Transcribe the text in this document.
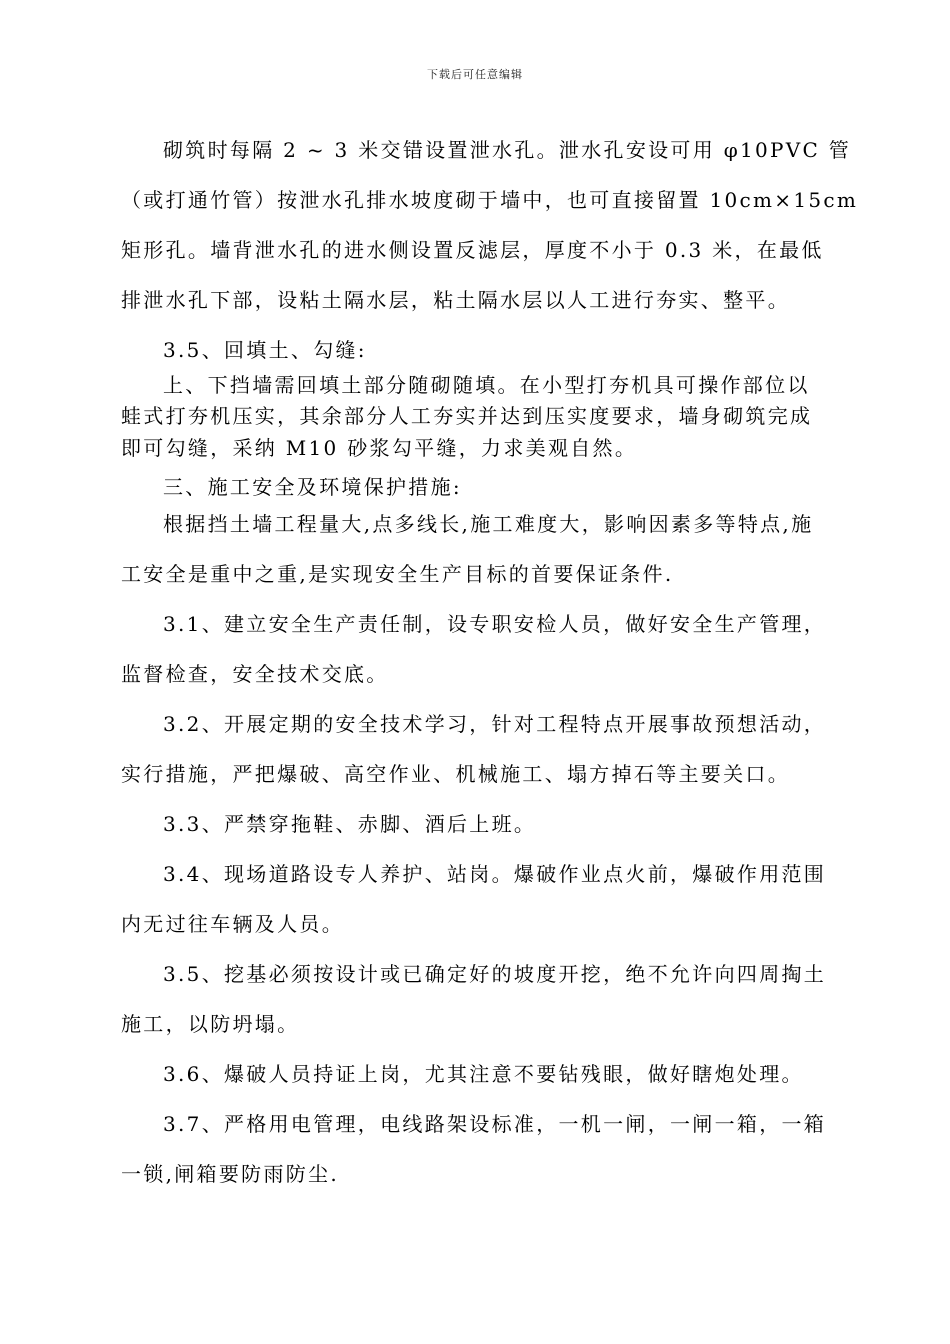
下载后可任意编辑
砌筑时每隔 2 ~ 3 米交错设置泄水孔。泄水孔安设可用 φ10PVC 管
（或打通竹管）按泄水孔排水坡度砌于墙中，也可直接留置 10cm×15cm
矩形孔。墙背泄水孔的进水侧设置反滤层，厚度不小于 0.3 米，在最低
排泄水孔下部，设粘土隔水层，粘土隔水层以人工进行夯实、整平。
3.5、回填土、勾缝:
上、下挡墙需回填土部分随砌随填。在小型打夯机具可操作部位以
蛙式打夯机压实，其余部分人工夯实并达到压实度要求，墙身砌筑完成
即可勾缝，采纳 M10 砂浆勾平缝，力求美观自然。
三、施工安全及环境保护措施:
根据挡土墙工程量大,点多线长,施工难度大，影响因素多等特点,施
工安全是重中之重,是实现安全生产目标的首要保证条件.
3.1、建立安全生产责任制，设专职安检人员，做好安全生产管理，
监督检查，安全技术交底。
3.2、开展定期的安全技术学习，针对工程特点开展事故预想活动，
实行措施，严把爆破、高空作业、机械施工、塌方掉石等主要关口。
3.3、严禁穿拖鞋、赤脚、酒后上班。
3.4、现场道路设专人养护、站岗。爆破作业点火前，爆破作用范围
内无过往车辆及人员。
3.5、挖基必须按设计或已确定好的坡度开挖，绝不允许向四周掏土
施工，以防坍塌。
3.6、爆破人员持证上岗，尤其注意不要钻残眼，做好瞎炮处理。
3.7、严格用电管理，电线路架设标准，一机一闸，一闸一箱，一箱
一锁,闸箱要防雨防尘.
